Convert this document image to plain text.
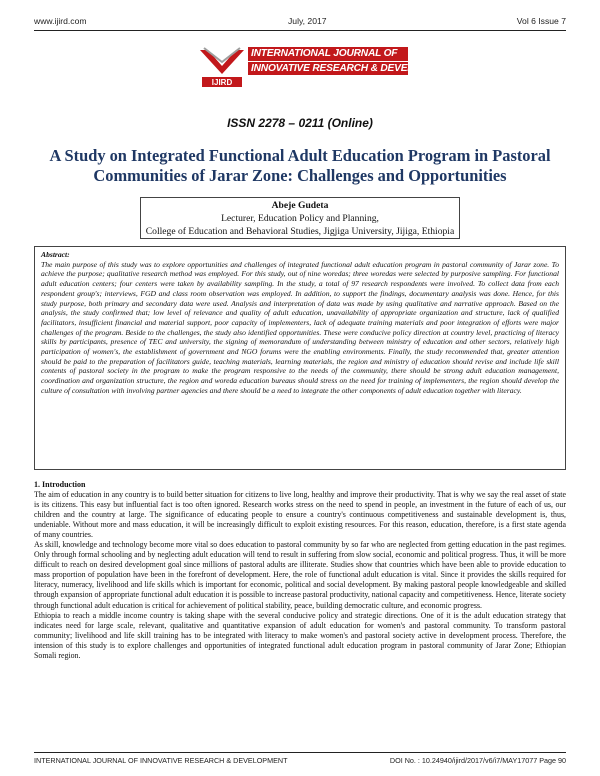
www.ijird.com	July, 2017	Vol 6 Issue 7
IJIRD
INTERNATIONAL JOURNAL OF
INNOVATIVE RESEARCH & DEVELOPMENT
ISSN 2278 – 0211 (Online)
A Study on Integrated Functional Adult Education Program in Pastoral Communities of Jarar Zone: Challenges and Opportunities
Abeje Gudeta
Lecturer, Education Policy and Planning,
College of Education and Behavioral Studies, Jigjiga University, Jijiga, Ethiopia
Abstract:
The main purpose of this study was to explore opportunities and challenges of integrated functional adult education program in pastoral community of Jarar zone. To achieve the purpose; qualitative research method was employed. For this study, out of nine woredas; three woredas were selected by purposive sampling. For functional adult education centers; four centers were taken by availability sampling. In the study, a total of 97 research respondents were involved. To collect data from each respondent group's; interviews, FGD and class room observation was employed. In addition, to support the findings, documentary analysis was done. Hence, for this study purpose, both primary and secondary data were used. Analysis and interpretation of data was made by using qualitative and narrative approach. Based on the analysis, the study confirmed that; low level of relevance and quality of adult education, unavailability of appropriate organization and structure, lack of qualified facilitators, insufficient financial and material support, poor capacity of implementers, lack of adequate training materials and poor integration of efforts were major challenges of the program. Beside to the challenges, the study also identified opportunities. These were conducive policy direction at country level, practicing of literacy skills by participants, presence of TEC and university, the signing of memorandum of understanding between ministry of education and other sectors, relatively high participation of women's, the establishment of government and NGO forums were the enabling environments. Finally, the study recommended that, greater attention should be paid to the preparation of facilitators guide, teaching materials, learning materials, the region and ministry of education should revise and include life skill contents of pastoral society in the program to make the program responsive to the needs of the community, there should be strong adult education management, coordination and organization structure, the region and woreda education bureaus should stress on the need for training of implementers, the region should develop the culture of consultation with involving partner agencies and there should be a need to integrate the other components of adult education together with literacy.
1. Introduction

The aim of education in any country is to build better situation for citizens to live long, healthy and improve their productivity. That is why we say the real asset of state is its citizens. This easy but influential fact is too often ignored. Research works stress on the need to spend in people, an investment in the future of each of us, our children and the country at large. The significance of educating people to ensure a country's continuous competitiveness and sustainable development is, thus, undeniable. Without more and mass education, it will be increasingly difficult to exploit existing resources. For this reason, education, therefore, is a first state agenda of many countries.

As skill, knowledge and technology become more vital so does education to pastoral community by so far who are neglected from getting education in the past regimes. Only through formal schooling and by neglecting adult education will tend to result in suffering from slow social, economic and political progress. Thus, it will be more difficult to reach on desired development goal since millions of pastoral adults are illiterate. Studies show that countries which have been able to provide education to mass proportion of population have been in the forefront of development. Here, the role of functional adult education is vital. Since it provides the skills required for literacy, numeracy, livelihood and life skills which is important for economic, political and social development. By making pastoral people knowledgeable and skilled through expansion of appropriate functional adult education it is possible to increase pastoral productivity, national capacity and competitiveness. Hence, literate society through functional adult education is critical for achievement of political stability, peace, building democratic culture, and economic progress.

Ethiopia to reach a middle income country is taking shape with the several conducive policy and strategic directions. One of it is the adult education strategy that indicates need for large scale, relevant, qualitative and quantitative expansion of adult education for women's and pastoral community. To transform pastoral community; livelihood and life skill training has to be integrated with literacy to make women's and pastoral society active in development process. Therefore, the intension of this study is to explore challenges and opportunities of integrated functional adult education program in pastoral community of Jarar Zone; Ethiopian Somali region.

INTERNATIONAL JOURNAL OF INNOVATIVE RESEARCH & DEVELOPMENT	DOI No. : 10.24940/ijird/2017/v6/i7/MAY17077 Page 90
